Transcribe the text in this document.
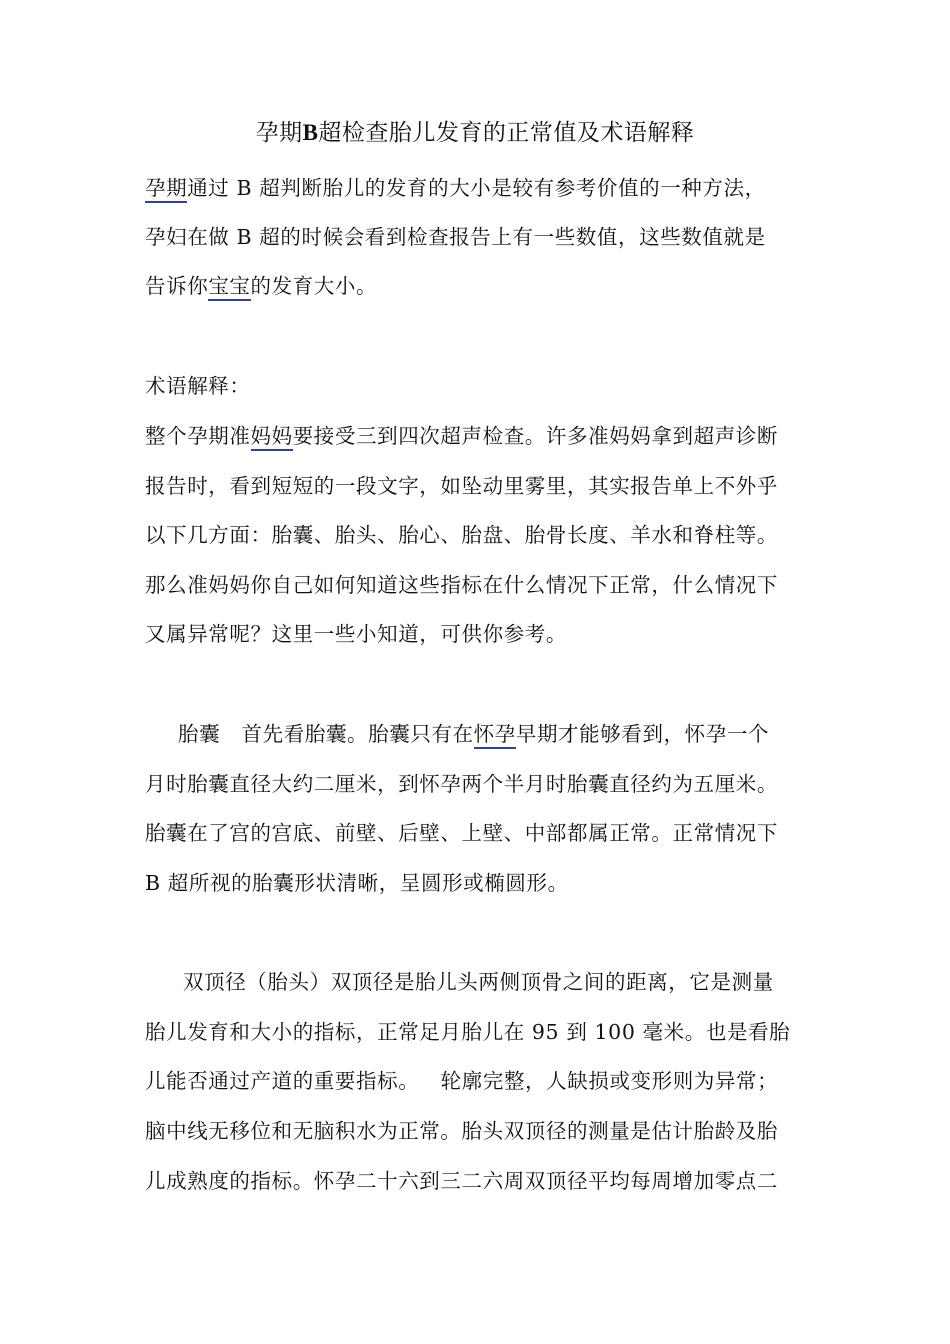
孕期B超检查胎儿发育的正常值及术语解释
孕期通过 B 超判断胎儿的发育的大小是较有参考价值的一种方法，
孕妇在做 B 超的时候会看到检查报告上有一些数值，这些数值就是
告诉你宝宝的发育大小。
术语解释：
整个孕期准妈妈要接受三到四次超声检查。许多准妈妈拿到超声诊断
报告时，看到短短的一段文字，如坠动里雾里，其实报告单上不外乎
以下几方面：胎囊、胎头、胎心、胎盘、胎骨长度、羊水和脊柱等。
那么准妈妈你自己如何知道这些指标在什么情况下正常，什么情况下
又属异常呢？这里一些小知道，可供你参考。
胎囊   首先看胎囊。胎囊只有在怀孕早期才能够看到，怀孕一个
月时胎囊直径大约二厘米，到怀孕两个半月时胎囊直径约为五厘米。
胎囊在了宫的宫底、前壁、后壁、上壁、中部都属正常。正常情况下
B 超所视的胎囊形状清晰，呈圆形或椭圆形。
双顶径（胎头）双顶径是胎儿头两侧顶骨之间的距离，它是测量
胎儿发育和大小的指标，正常足月胎儿在 95 到 100 毫米。也是看胎
儿能否通过产道的重要指标。   轮廓完整，人缺损或变形则为异常；
脑中线无移位和无脑积水为正常。胎头双顶径的测量是估计胎龄及胎
儿成熟度的指标。怀孕二十六到三二六周双顶径平均每周增加零点二
